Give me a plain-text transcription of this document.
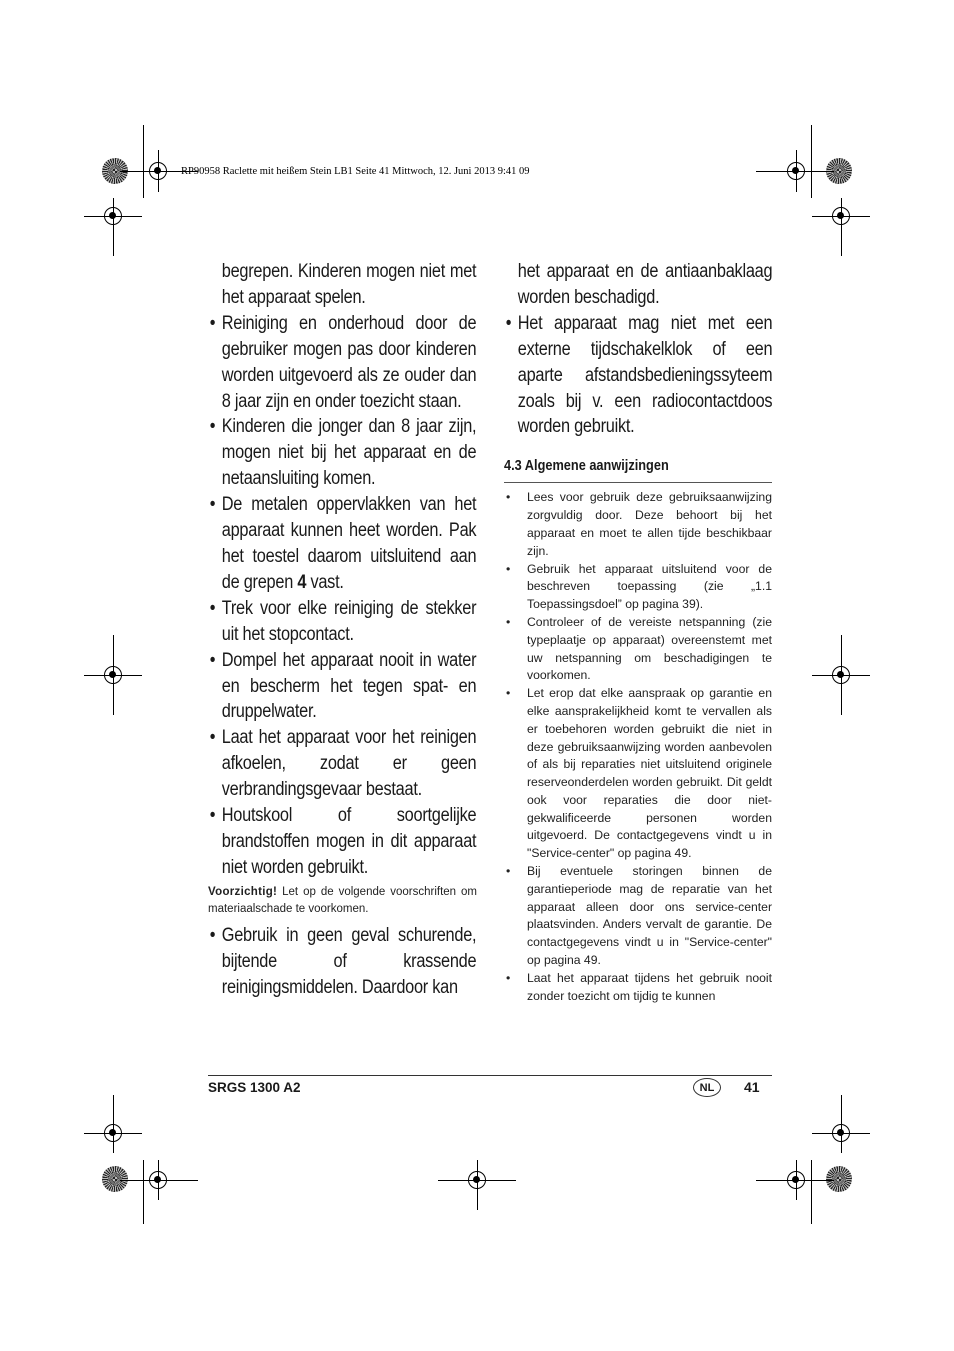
RP90958 Raclette mit heißem Stein LB1 Seite 41 Mittwoch, 12. Juni 2013 9:41 09

begrepen. Kinderen mogen niet met het apparaat spelen.

• Reiniging en onderhoud door de gebruiker mogen pas door kinderen worden uitgevoerd als ze ouder dan 8 jaar zijn en onder toezicht staan.

• Kinderen die jonger dan 8 jaar zijn, mogen niet bij het apparaat en de netaansluiting komen.

• De metalen oppervlakken van het apparaat kunnen heet worden. Pak het toestel daarom uitsluitend aan de grepen 4 vast.

• Trek voor elke reiniging de stekker uit het stopcontact.

• Dompel het apparaat nooit in water en bescherm het tegen spat- en druppelwater.

• Laat het apparaat voor het reinigen afkoelen, zodat er geen verbrandingsgevaar bestaat.

• Houtskool of soortgelijke brandstoffen mogen in dit apparaat niet worden gebruikt.

Voorzichtig! Let op de volgende voorschriften om materiaalschade te voorkomen.

• Gebruik in geen geval schurende, bijtende of krassende reinigingsmiddelen. Daardoor kan

het apparaat en de antiaanbaklaag worden beschadigd.

• Het apparaat mag niet met een externe tijdschakelklok of een aparte afstandsbedieningssyteem zoals bij v. een radiocontactdoos worden gebruikt.

4.3 Algemene aanwijzingen
• Lees voor gebruik deze gebruiksaanwijzing zorgvuldig door. Deze behoort bij het apparaat en moet te allen tijde beschikbaar zijn.
• Gebruik het apparaat uitsluitend voor de beschreven toepassing (zie „1.1 Toepassingsdoel” op pagina 39).
• Controleer of de vereiste netspanning (zie typeplaatje op apparaat) overeenstemt met uw netspanning om beschadigingen te voorkomen.
• Let erop dat elke aanspraak op garantie en elke aansprakelijkheid komt te vervallen als er toebehoren worden gebruikt die niet in deze gebruiksaanwijzing worden aanbevolen of als bij reparaties niet uitsluitend originele reserveonderdelen worden gebruikt. Dit geldt ook voor reparaties die door niet-gekwalificeerde personen worden uitgevoerd. De contactgegevens vindt u in "Service-center" op pagina 49.
• Bij eventuele storingen binnen de garantieperiode mag de reparatie van het apparaat alleen door ons service-center plaatsvinden. Anders vervalt de garantie. De contactgegevens vindt u in "Service-center" op pagina 49.
• Laat het apparaat tijdens het gebruik nooit zonder toezicht om tijdig te kunnen
SRGS 1300 A2	NL	41
